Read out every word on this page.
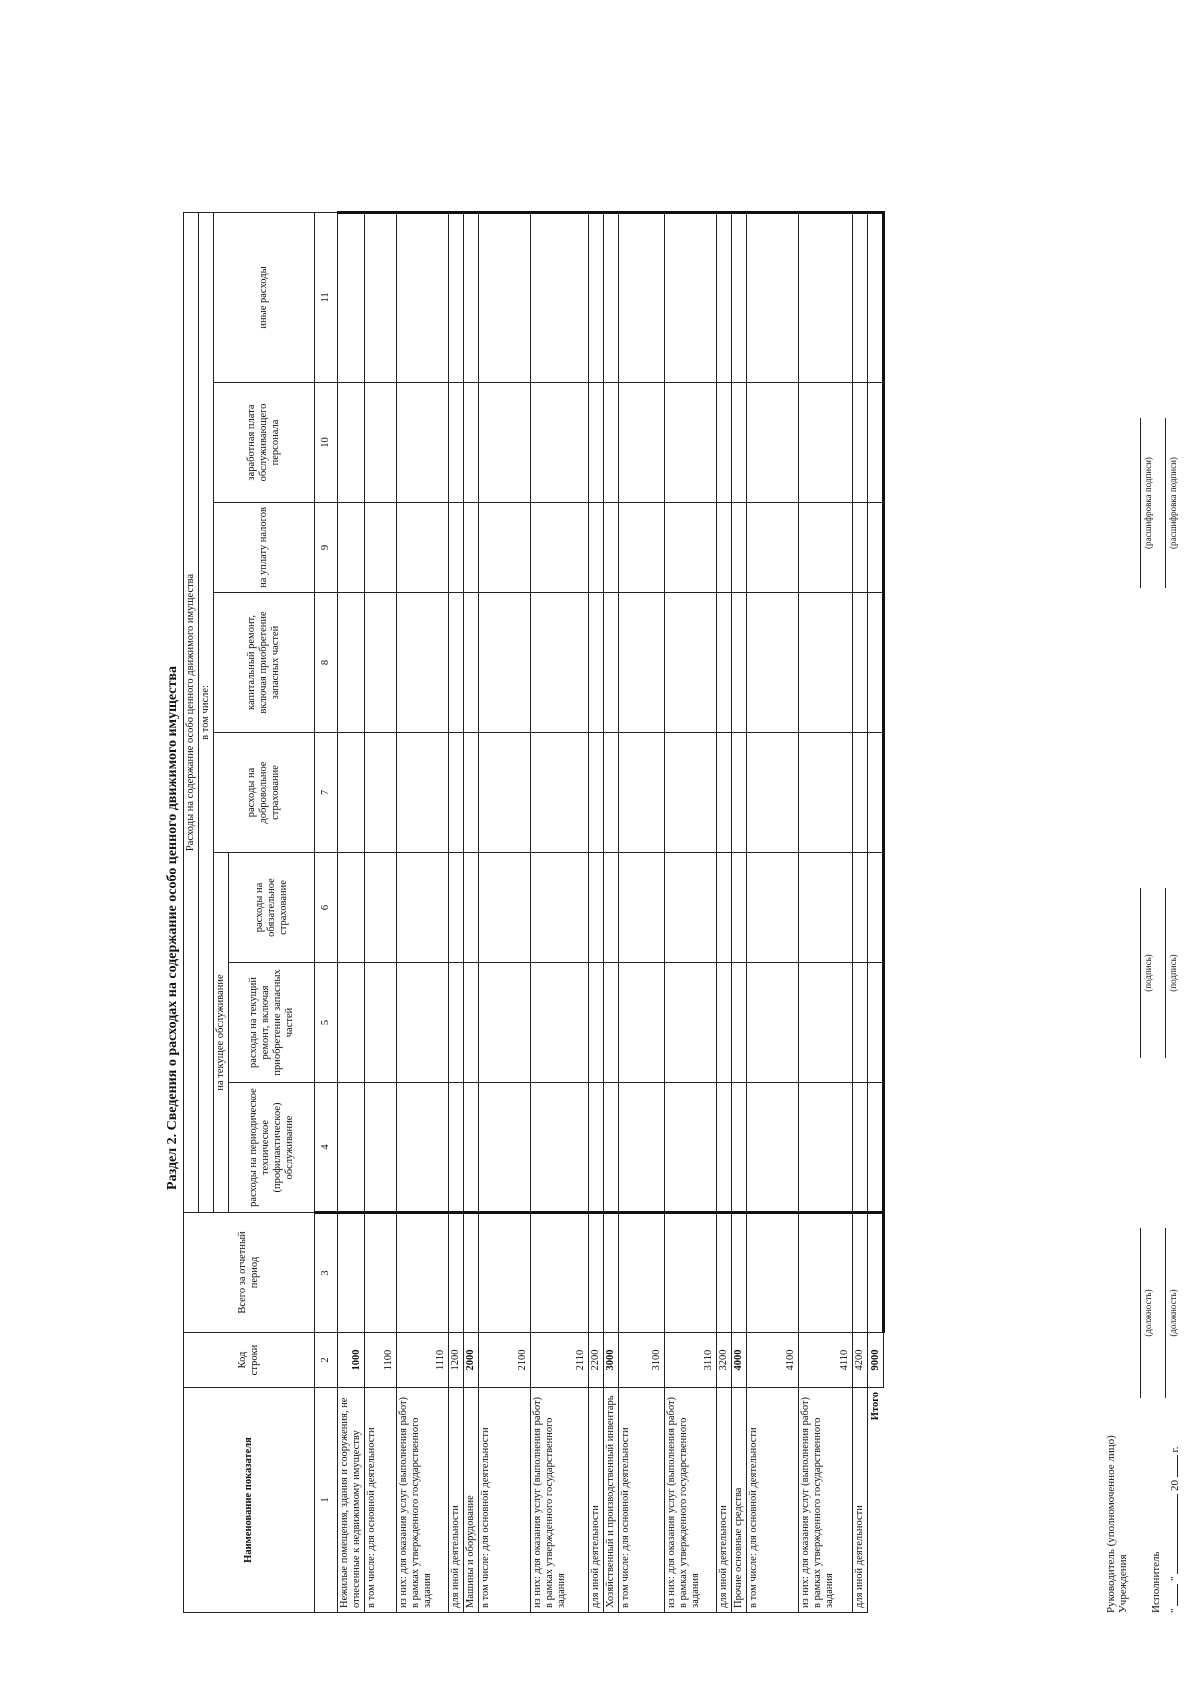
Раздел 2. Сведения о расходах на содержание особо ценного движимого имущества
Наименование показателя	Код строки	Всего за отчетный период	Расходы на содержание особо ценного движимого имущества							
			в том числе:							
			на текущее обслуживание			расходы на добровольное страхование	капитальный ремонт, включая приобретение запасных частей	на уплату налогов	заработная плата обслуживающего персонала	иные расходы
			расходы на периодическое техническое (профилактическое) обслуживание	расходы на текущий ремонт, включая приобретение запасных частей	расходы на обязательное страхование					
1	2	3	4	5	6	7	8	9	10	11
Нежилые помещения, здания и сооружения, не отнесенные к недвижимому имуществу	1000									
в том числе: для основной деятельности	1100									
из них: для оказания услуг (выполнения работ) в рамках утвержденного государственного задания	1110									
для иной деятельности	1200									
Машины и оборудование	2000									
в том числе: для основной деятельности	2100									
из них: для оказания услуг (выполнения работ) в рамках утвержденного государственного задания	2110									
для иной деятельности	2200									
Хозяйственный и производственный инвентарь	3000									
в том числе: для основной деятельности	3100									
из них: для оказания услуг (выполнения работ) в рамках утвержденного государственного задания	3110									
для иной деятельности	3200									
Прочие основные средства	4000									
в том числе: для основной деятельности	4100									
из них: для оказания услуг (выполнения работ) в рамках утвержденного государственного задания	4110									
для иной деятельности	4200									
Итого	9000									
Руководитель (уполномоченное лицо) Учреждения
(должность)
(подпись)
(расшифровка подписи)
Исполнитель
(должность)
(подпись)
(расшифровка подписи)
"  "  20  г.
